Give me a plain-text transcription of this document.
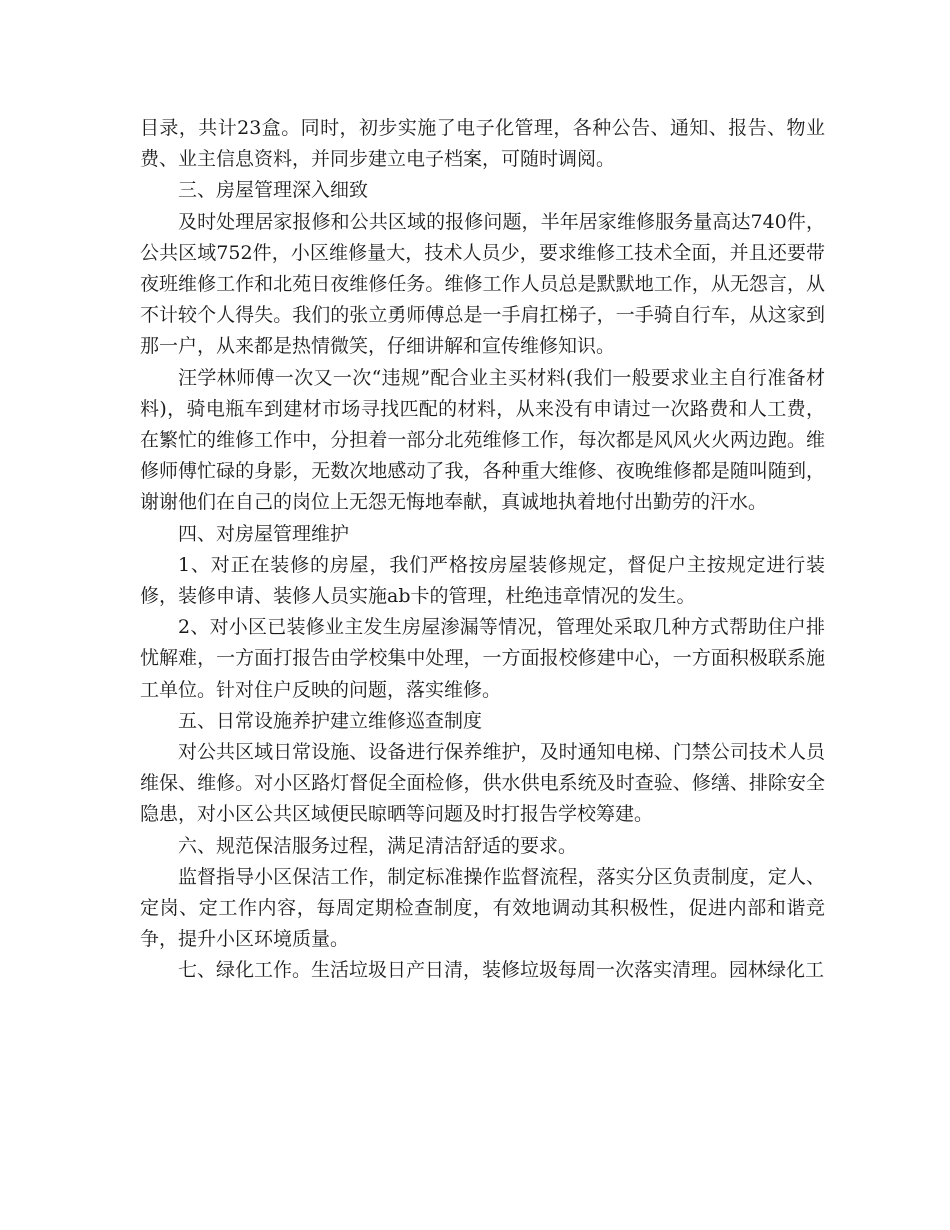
目录，共计23盒。同时，初步实施了电子化管理，各种公告、通知、报告、物业费、业主信息资料，并同步建立电子档案，可随时调阅。

三、房屋管理深入细致

及时处理居家报修和公共区域的报修问题，半年居家维修服务量高达740件，公共区域752件，小区维修量大，技术人员少，要求维修工技术全面，并且还要带夜班维修工作和北苑日夜维修任务。维修工作人员总是默默地工作，从无怨言，从不计较个人得失。我们的张立勇师傅总是一手肩扛梯子，一手骑自行车，从这家到那一户，从来都是热情微笑，仔细讲解和宣传维修知识。

汪学林师傅一次又一次“违规”配合业主买材料(我们一般要求业主自行准备材料)，骑电瓶车到建材市场寻找匹配的材料，从来没有申请过一次路费和人工费，在繁忙的维修工作中，分担着一部分北苑维修工作，每次都是风风火火两边跑。维修师傅忙碌的身影，无数次地感动了我，各种重大维修、夜晚维修都是随叫随到，谢谢他们在自己的岗位上无怨无悔地奉献，真诚地执着地付出勤劳的汗水。

四、对房屋管理维护

1、对正在装修的房屋，我们严格按房屋装修规定，督促户主按规定进行装修，装修申请、装修人员实施ab卡的管理，杜绝违章情况的发生。

2、对小区已装修业主发生房屋渗漏等情况，管理处采取几种方式帮助住户排忧解难，一方面打报告由学校集中处理，一方面报校修建中心，一方面积极联系施工单位。针对住户反映的问题，落实维修。

五、日常设施养护建立维修巡查制度

对公共区域日常设施、设备进行保养维护，及时通知电梯、门禁公司技术人员维保、维修。对小区路灯督促全面检修，供水供电系统及时查验、修缮、排除安全隐患，对小区公共区域便民晾晒等问题及时打报告学校筹建。

六、规范保洁服务过程，满足清洁舒适的要求。

监督指导小区保洁工作，制定标准操作监督流程，落实分区负责制度，定人、定岗、定工作内容，每周定期检查制度，有效地调动其积极性，促进内部和谐竞争，提升小区环境质量。

七、绿化工作。生活垃圾日产日清，装修垃圾每周一次落实清理。园林绿化工
